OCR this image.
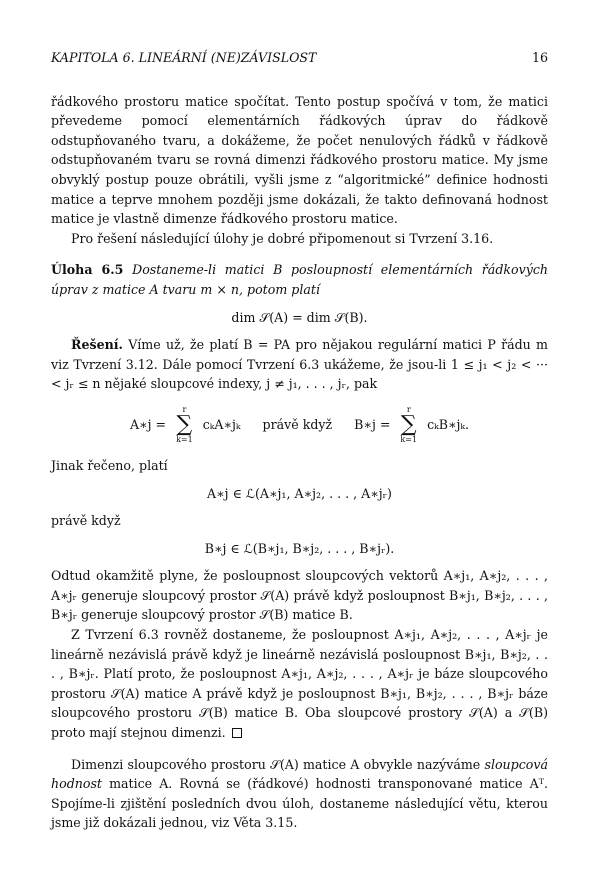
KAPITOLA 6. LINEÁRNÍ (NE)ZÁVISLOST	16

řádkového prostoru matice spočítat. Tento postup spočívá v tom, že matici převedeme pomocí elementárních řádkových úprav do řádkově odstupňovaného tvaru, a dokážeme, že počet nenulových řádků v řádkově odstupňovaném tvaru se rovná dimenzi řádkového prostoru matice. My jsme obvyklý postup pouze obrátili, vyšli jsme z “algoritmické” definice hodnosti matice a teprve mnohem později jsme dokázali, že takto definovaná hodnost matice je vlastně dimenze řádkového prostoru matice.

Pro řešení následující úlohy je dobré připomenout si Tvrzení 3.16.

Úloha 6.5 Dostaneme-li matici B posloupností elementárních řádkových úprav z matice A tvaru m × n, potom platí

dim 𝒮(A) = dim 𝒮(B).

Řešení. Víme už, že platí B = PA pro nějakou regulární matici P řádu m viz Tvrzení 3.12. Dále pomocí Tvrzení 6.3 ukážeme, že jsou-li 1 ≤ j₁ < j₂ < ··· < jᵣ ≤ n nějaké sloupcové indexy, j ≠ j₁, . . . , jᵣ, pak

A∗j =
r
∑
k=1
cₖA∗jₖ právě když B∗j =
r
∑
k=1
cₖB∗jₖ.

Jinak řečeno, platí

A∗j ∈ ℒ(A∗j₁, A∗j₂, . . . , A∗jᵣ)

právě když

B∗j ∈ ℒ(B∗j₁, B∗j₂, . . . , B∗jᵣ).

Odtud okamžitě plyne, že posloupnost sloupcových vektorů A∗j₁, A∗j₂, . . . , A∗jᵣ generuje sloupcový prostor 𝒮(A) právě když posloupnost B∗j₁, B∗j₂, . . . , B∗jᵣ generuje sloupcový prostor 𝒮(B) matice B.

Z Tvrzení 6.3 rovněž dostaneme, že posloupnost A∗j₁, A∗j₂, . . . , A∗jᵣ je lineárně nezávislá právě když je lineárně nezávislá posloupnost B∗j₁, B∗j₂, . . . , B∗jᵣ. Platí proto, že posloupnost A∗j₁, A∗j₂, . . . , A∗jᵣ je báze sloupcového prostoru 𝒮(A) matice A právě když je posloupnost B∗j₁, B∗j₂, . . . , B∗jᵣ báze sloupcového prostoru 𝒮(B) matice B. Oba sloupcové prostory 𝒮(A) a 𝒮(B) proto mají stejnou dimenzi.

Dimenzi sloupcového prostoru 𝒮(A) matice A obvykle nazýváme sloupcová hodnost matice A. Rovná se (řádkové) hodnosti transponované matice Aᵀ. Spojíme-li zjištění posledních dvou úloh, dostaneme následující větu, kterou jsme již dokázali jednou, viz Věta 3.15.
